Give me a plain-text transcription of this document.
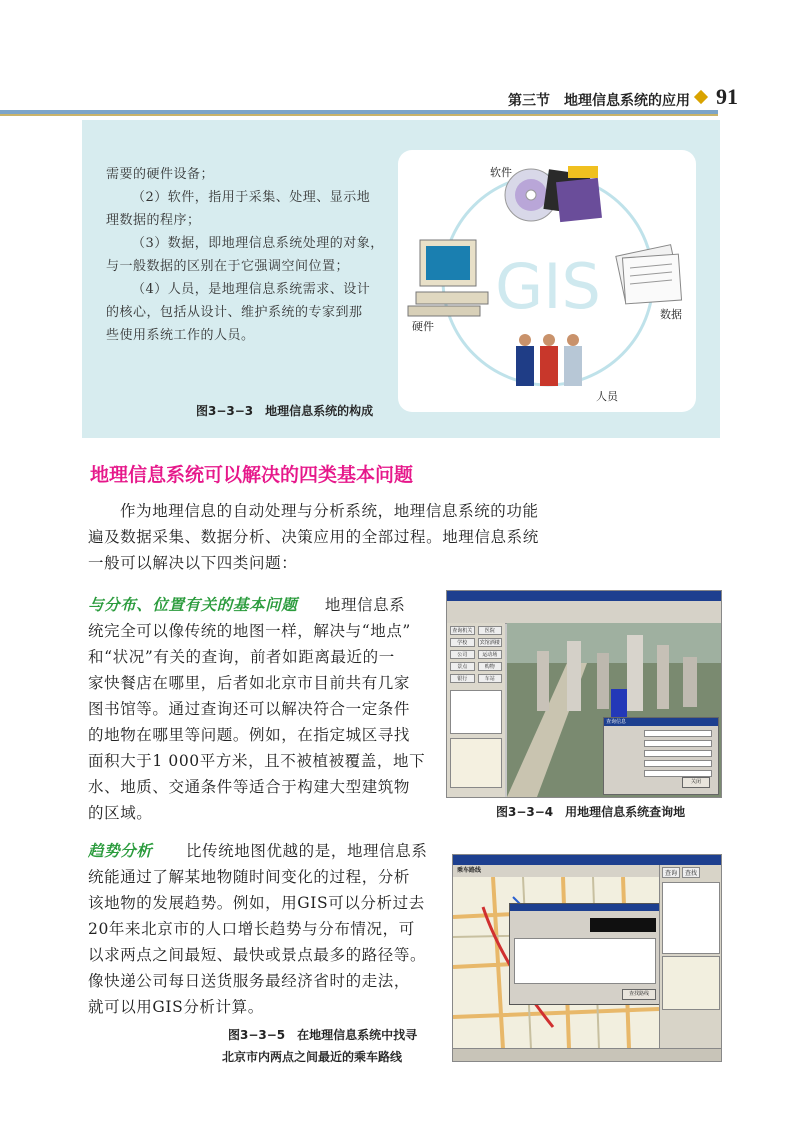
第三节　地理信息系统的应用 91

需要的硬件设备；

（2）软件，指用于采集、处理、显示地

理数据的程序；

（3）数据，即地理信息系统处理的对象，

与一般数据的区别在于它强调空间位置；

（4）人员，是地理信息系统需求、设计

的核心，包括从设计、维护系统的专家到那

些使用系统工作的人员。

GIS
软件
硬件
数据
人员
图3−3−3　地理信息系统的构成
地理信息系统可以解决的四类基本问题
作为地理信息的自动处理与分析系统，地理信息系统的功能
遍及数据采集、数据分析、决策应用的全部过程。地理信息系统
一般可以解决以下四类问题：
与分布、位置有关的基本问题 地理信息系
统完全可以像传统的地图一样，解决与“地点”
和“状况”有关的查询，前者如距离最近的一
家快餐店在哪里，后者如北京市目前共有几家
图书馆等。通过查询还可以解决符合一定条件
的地物在哪里等问题。例如，在指定城区寻找
面积大于1 000平方米，且不被植被覆盖，地下
水、地质、交通条件等适合于构建大型建筑物
的区域。
查询机关	医院
学校	宾馆酒楼
公司	运动场
景点	购物
银行	车站
查询信息
关闭
图3−3−4　用地理信息系统查询地
趋势分析 比传统地图优越的是，地理信息系
统能通过了解某地物随时间变化的过程，分析
该地物的发展趋势。例如，用GIS可以分析过去
20年来北京市的人口增长趋势与分布情况，可
以求两点之间最短、最快或景点最多的路径等。
像快递公司每日送货服务最经济省时的走法，
就可以用GIS分析计算。
乘车路线
查找路线
查询	查找
图3−3−5　在地理信息系统中找寻
北京市内两点之间最近的乘车路线
